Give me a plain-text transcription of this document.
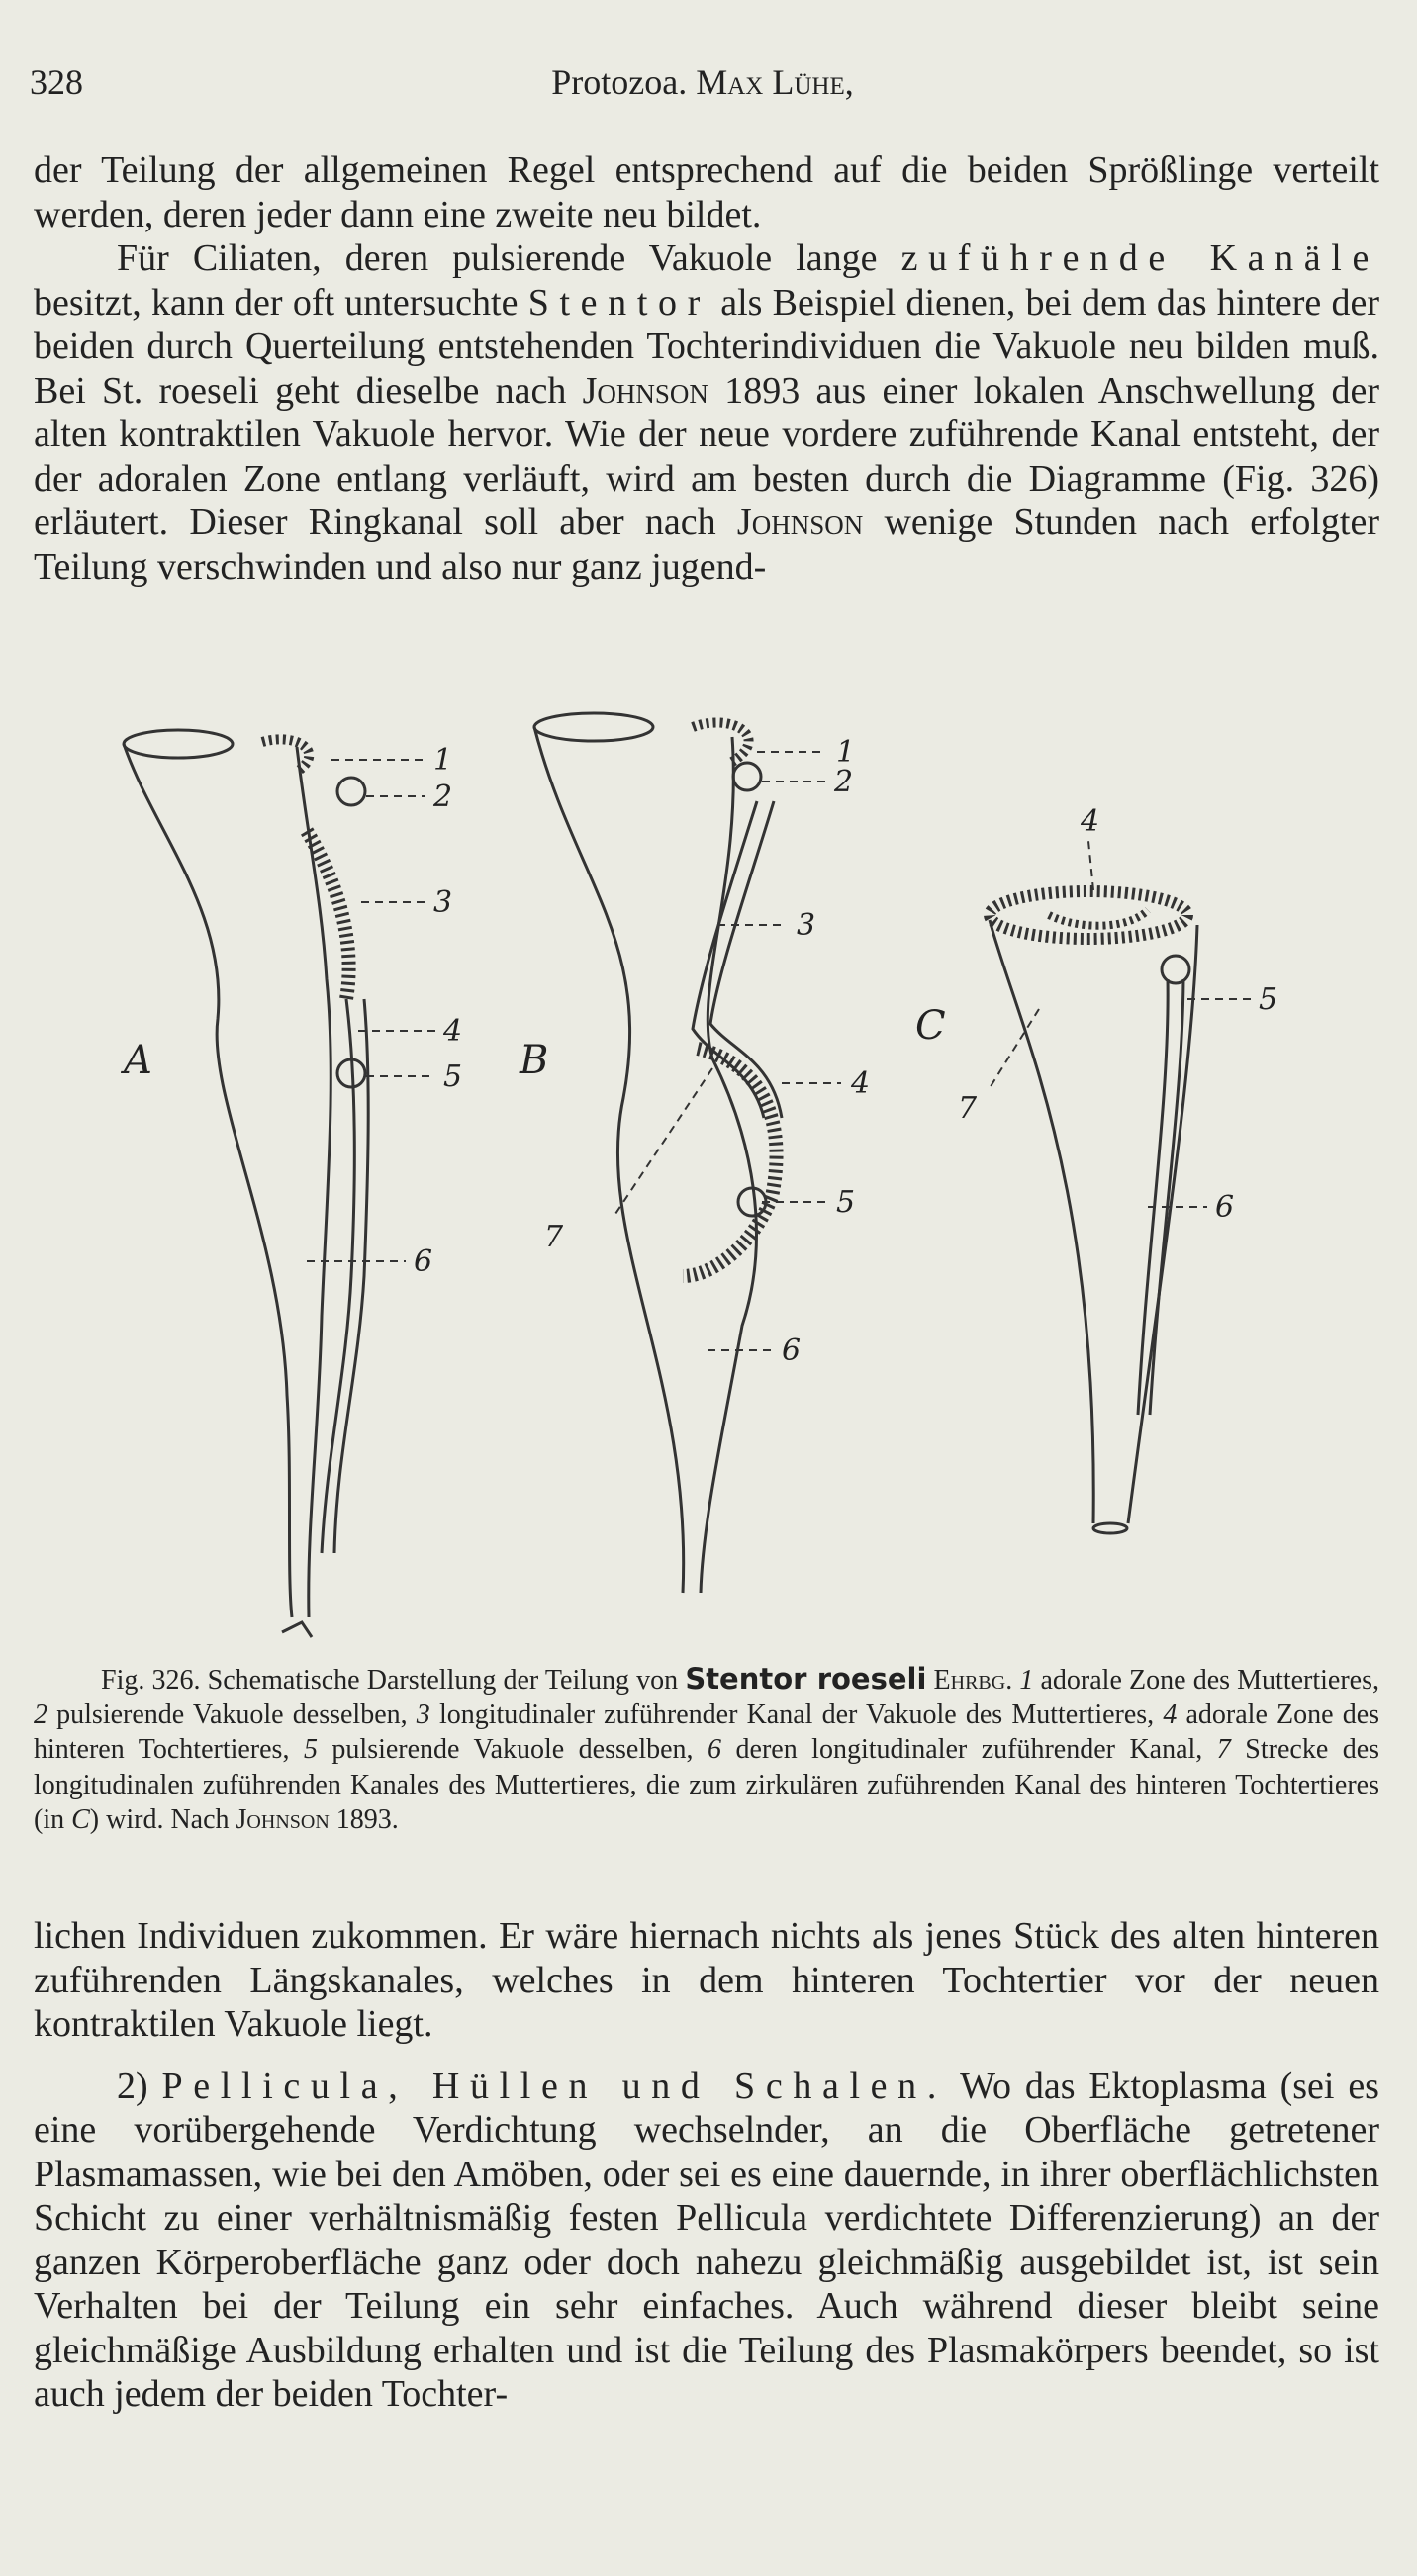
328	Protozoa. Max Lühe,

der Teilung der allgemeinen Regel entsprechend auf die beiden Sprößlinge verteilt werden, deren jeder dann eine zweite neu bildet.

Für Ciliaten, deren pulsierende Vakuole lange zuführende Kanäle besitzt, kann der oft untersuchte Stentor als Beispiel dienen, bei dem das hintere der beiden durch Querteilung entstehenden Tochterindividuen die Vakuole neu bilden muß. Bei St. roeseli geht dieselbe nach Johnson 1893 aus einer lokalen Anschwellung der alten kontraktilen Vakuole hervor. Wie der neue vordere zuführende Kanal entsteht, der der adoralen Zone entlang verläuft, wird am besten durch die Diagramme (Fig. 326) erläutert. Dieser Ringkanal soll aber nach Johnson wenige Stunden nach erfolgter Teilung verschwinden und also nur ganz jugend-

A	B
C
1
2
3
4
5
6
1
2
3
4
5
6
7
4
5
6
7
Fig. 326. Schematische Darstellung der Teilung von Stentor roeseli Ehrbg. 1 adorale Zone des Muttertieres, 2 pulsierende Vakuole desselben, 3 longitudinaler zuführender Kanal der Vakuole des Muttertieres, 4 adorale Zone des hinteren Tochtertieres, 5 pulsierende Vakuole desselben, 6 deren longitudinaler zuführender Kanal, 7 Strecke des longitudinalen zuführenden Kanales des Muttertieres, die zum zirkulären zuführenden Kanal des hinteren Tochtertieres (in C) wird. Nach Johnson 1893.

lichen Individuen zukommen. Er wäre hiernach nichts als jenes Stück des alten hinteren zuführenden Längskanales, welches in dem hinteren Tochtertier vor der neuen kontraktilen Vakuole liegt.

2) Pellicula, Hüllen und Schalen. Wo das Ektoplasma (sei es eine vorübergehende Verdichtung wechselnder, an die Oberfläche getretener Plasmamassen, wie bei den Amöben, oder sei es eine dauernde, in ihrer oberflächlichsten Schicht zu einer verhältnismäßig festen Pellicula verdichtete Differenzierung) an der ganzen Körperoberfläche ganz oder doch nahezu gleichmäßig ausgebildet ist, ist sein Verhalten bei der Teilung ein sehr einfaches. Auch während dieser bleibt seine gleichmäßige Ausbildung erhalten und ist die Teilung des Plasmakörpers beendet, so ist auch jedem der beiden Tochter-
